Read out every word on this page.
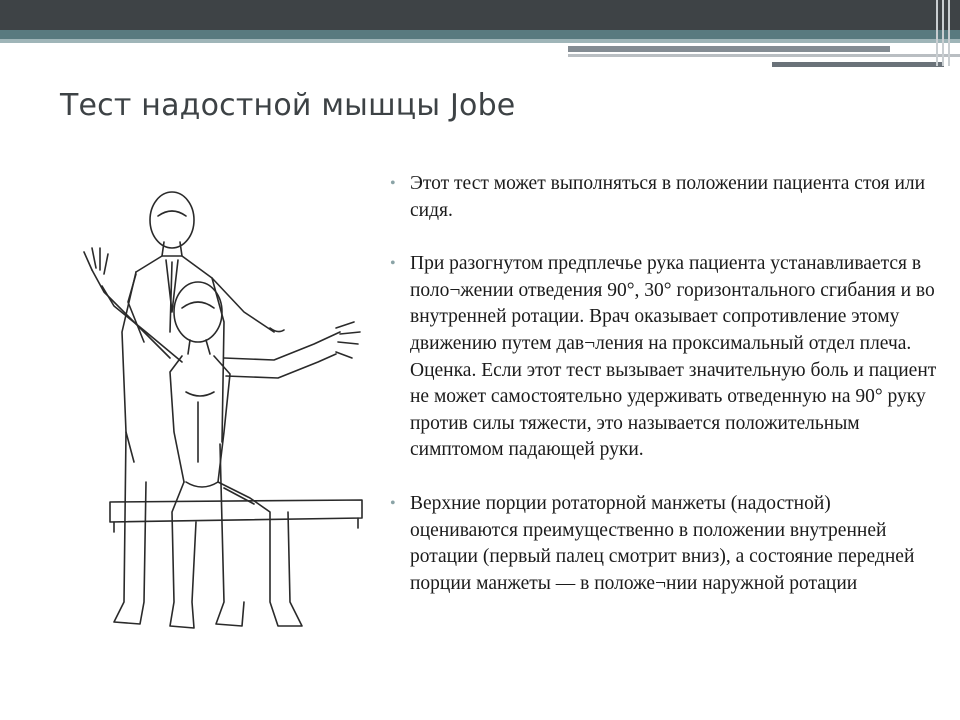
Тест надостной мышцы Jobe
• Этот тест может выполняться в положении пациента стоя или сидя.
• При разогнутом предплечье рука пациента устанавливается в поло¬жении отведения 90°, 30° горизонтального сгибания и во внутренней ротации. Врач оказывает сопротивление этому движению путем дав¬ления на проксимальный отдел плеча. Оценка. Если этот тест вызывает значительную боль и пациент не может самостоятельно удерживать отведенную на 90° руку против силы тяжести, это называется положительным симптомом падающей руки.
• Верхние порции ротаторной манжеты (надостной) оцениваются преимущественно в положении внутренней ротации (первый палец смотрит вниз), а состояние передней порции манжеты — в положе¬нии наружной ротации
